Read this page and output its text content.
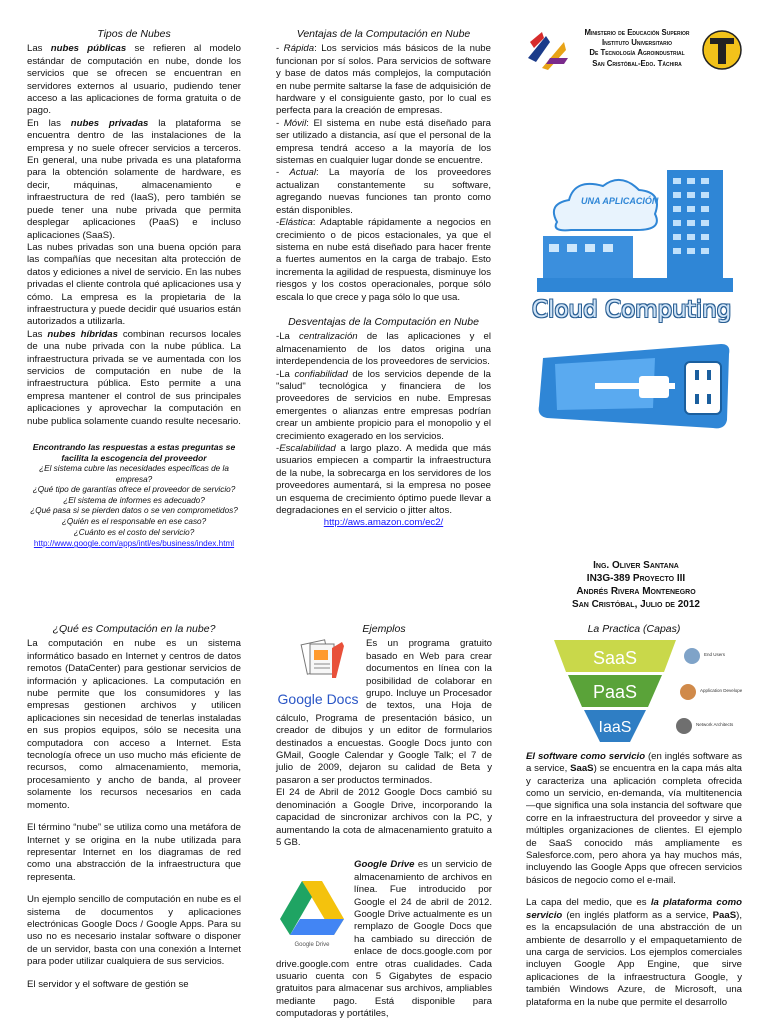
Tipos de Nubes

Las nubes públicas se refieren al modelo estándar de computación en nube, donde los servicios que se ofrecen se encuentran en servidores externos al usuario, pudiendo tener acceso a las aplicaciones de forma gratuita o de pago.

En las nubes privadas la plataforma se encuentra dentro de las instalaciones de la empresa y no suele ofrecer servicios a terceros. En general, una nube privada es una plataforma para la obtención solamente de hardware, es decir, máquinas, almacenamiento e infraestructura de red (IaaS), pero también se puede tener una nube privada que permita desplegar aplicaciones (PaaS) e incluso aplicaciones (SaaS).

Las nubes privadas son una buena opción para las compañías que necesitan alta protección de datos y ediciones a nivel de servicio. En las nubes privadas el cliente controla qué aplicaciones usa y cómo. La empresa es la propietaria de la infraestructura y puede decidir qué usuarios están autorizados a utilizarla.

Las nubes híbridas combinan recursos locales de una nube privada con la nube pública. La infraestructura privada se ve aumentada con los servicios de computación en nube de la infraestructura pública. Esto permite a una empresa mantener el control de sus principales aplicaciones y aprovechar la computación en nube publica solamente cuando resulte necesario.

Encontrando las respuestas a estas preguntas se facilita la escogencia del proveedor
¿El sistema cubre las necesidades específicas de la empresa?
¿Qué tipo de garantías ofrece el proveedor de servicio?
¿El sistema de informes es adecuado?
¿Qué pasa si se pierden datos o se ven comprometidos?
¿Quién es el responsable en ese caso?
¿Cuánto es el costo del servicio?
http://www.google.com/apps/intl/es/business/index.html
Ventajas de la Computación en Nube

- Rápida: Los servicios más básicos de la nube funcionan por sí solos. Para servicios de software y base de datos más complejos, la computación en nube permite saltarse la fase de adquisición de hardware y el consiguiente gasto, por lo cual es perfecta para la creación de empresas.

- Móvil: El sistema en nube está diseñado para ser utilizado a distancia, así que el personal de la empresa tendrá acceso a la mayoría de los sistemas en cualquier lugar donde se encuentre.

- Actual: La mayoría de los proveedores actualizan constantemente su software, agregando nuevas funciones tan pronto como están disponibles.

-Elástica: Adaptable rápidamente a negocios en crecimiento o de picos estacionales, ya que el sistema en nube está diseñado para hacer frente a fuertes aumentos en la carga de trabajo. Esto incrementa la agilidad de respuesta, disminuye los riesgos y los costos operacionales, porque sólo escala lo que crece y paga sólo lo que usa.

Desventajas de la Computación en Nube

-La centralización de las aplicaciones y el almacenamiento de los datos origina una interdependencia de los proveedores de servicios.

-La confiabilidad de los servicios depende de la "salud" tecnológica y financiera de los proveedores de servicios en nube. Empresas emergentes o alianzas entre empresas podrían crear un ambiente propicio para el monopolio y el crecimiento exagerado en los servicios.

-Escalabilidad a largo plazo. A medida que más usuarios empiecen a compartir la infraestructura de la nube, la sobrecarga en los servidores de los proveedores aumentará, si la empresa no posee un esquema de crecimiento óptimo puede llevar a degradaciones en el servicio o jitter altos.

http://aws.amazon.com/ec2/
Ministerio de Educación Superior
Instituto Universitario
De Tecnología Agroindustrial
San Cristóbal-Edo. Táchira
UNA APLICACIÓN
Cloud Computing
Ing. Oliver Santana
IN3G-389 Proyecto III
Andrés Rivera Montenegro
San Cristóbal, Julio de 2012
¿Qué es Computación en la nube?

La computación en nube es un sistema informático basado en Internet y centros de datos remotos (DataCenter) para gestionar servicios de información y aplicaciones. La computación en nube permite que los consumidores y las empresas gestionen archivos y utilicen aplicaciones sin necesidad de tenerlas instaladas en sus propios equipos, sólo se necesita una computadora con acceso a Internet. Esta tecnología ofrece un uso mucho más eficiente de recursos, como almacenamiento, memoria, procesamiento y ancho de banda, al proveer solamente los recursos necesarios en cada momento.

El término “nube” se utiliza como una metáfora de Internet y se origina en la nube utilizada para representar Internet en los diagramas de red como una abstracción de la infraestructura que representa.

Un ejemplo sencillo de computación en nube es el sistema de documentos y aplicaciones electrónicas Google Docs / Google Apps. Para su uso no es necesario instalar software o disponer de un servidor, basta con una conexión a Internet para poder utilizar cualquiera de sus servicios.

El servidor y el software de gestión se

Ejemplos
Google Docs

Es un programa gratuito basado en Web para crear documentos en línea con la posibilidad de colaborar en grupo. Incluye un Procesador de textos, una Hoja de cálculo, Programa de presentación básico, un creador de dibujos y un editor de formularios destinados a encuestas. Google Docs junto con GMail, Google Calendar y Google Talk; el 7 de julio de 2009, dejaron su calidad de Beta y pasaron a ser productos terminados.

El 24 de Abril de 2012 Google Docs cambió su denominación a Google Drive, incorporando la capacidad de sincronizar archivos con la PC, y aumentando la cota de almacenamiento gratuito a 5 GB.

Google Drive

Google Drive es un servicio de almacenamiento de archivos en línea. Fue introducido por Google el 24 de abril de 2012. Google Drive actualmente es un remplazo de Google Docs que ha cambiado su dirección de enlace de docs.google.com por drive.google.com entre otras cualidades. Cada usuario cuenta con 5 Gigabytes de espacio gratuitos para almacenar sus archivos, ampliables mediante pago. Está disponible para computadoras y portátiles,

La Practica (Capas)
SaaS
PaaS
IaaS
End Users
Application Developers
Network Architects

El software como servicio (en inglés software as a service, SaaS) se encuentra en la capa más alta y caracteriza una aplicación completa ofrecida como un servicio, en-demanda, vía multitenencia —que significa una sola instancia del software que corre en la infraestructura del proveedor y sirve a múltiples organizaciones de clientes. El ejemplo de SaaS conocido más ampliamente es Salesforce.com, pero ahora ya hay muchos más, incluyendo las Google Apps que ofrecen servicios básicos de negocio como el e-mail.

La capa del medio, que es la plataforma como servicio (en inglés platform as a service, PaaS), es la encapsulación de una abstracción de un ambiente de desarrollo y el empaquetamiento de una carga de servicios. Los ejemplos comerciales incluyen Google App Engine, que sirve aplicaciones de la infraestructura Google, y también Windows Azure, de Microsoft, una plataforma en la nube que permite el desarrollo
